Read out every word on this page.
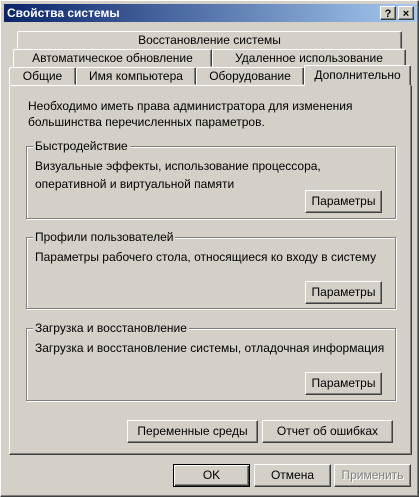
Свойства системы	?	×
Восстановление системы
Автоматическое обновление	Удаленное использование
Общие	Имя компьютера	Оборудование	Дополнительно
Необходимо иметь права администратора для изменения большинства перечисленных параметров.
Быстродействие
Визуальные эффекты, использование процессора, оперативной и виртуальной памяти
Параметры
Профили пользователей
Параметры рабочего стола, относящиеся ко входу в систему
Параметры
Загрузка и восстановление
Загрузка и восстановление системы, отладочная информация
Параметры
Переменные среды	Отчет об ошибках
OK	Отмена	Применить
